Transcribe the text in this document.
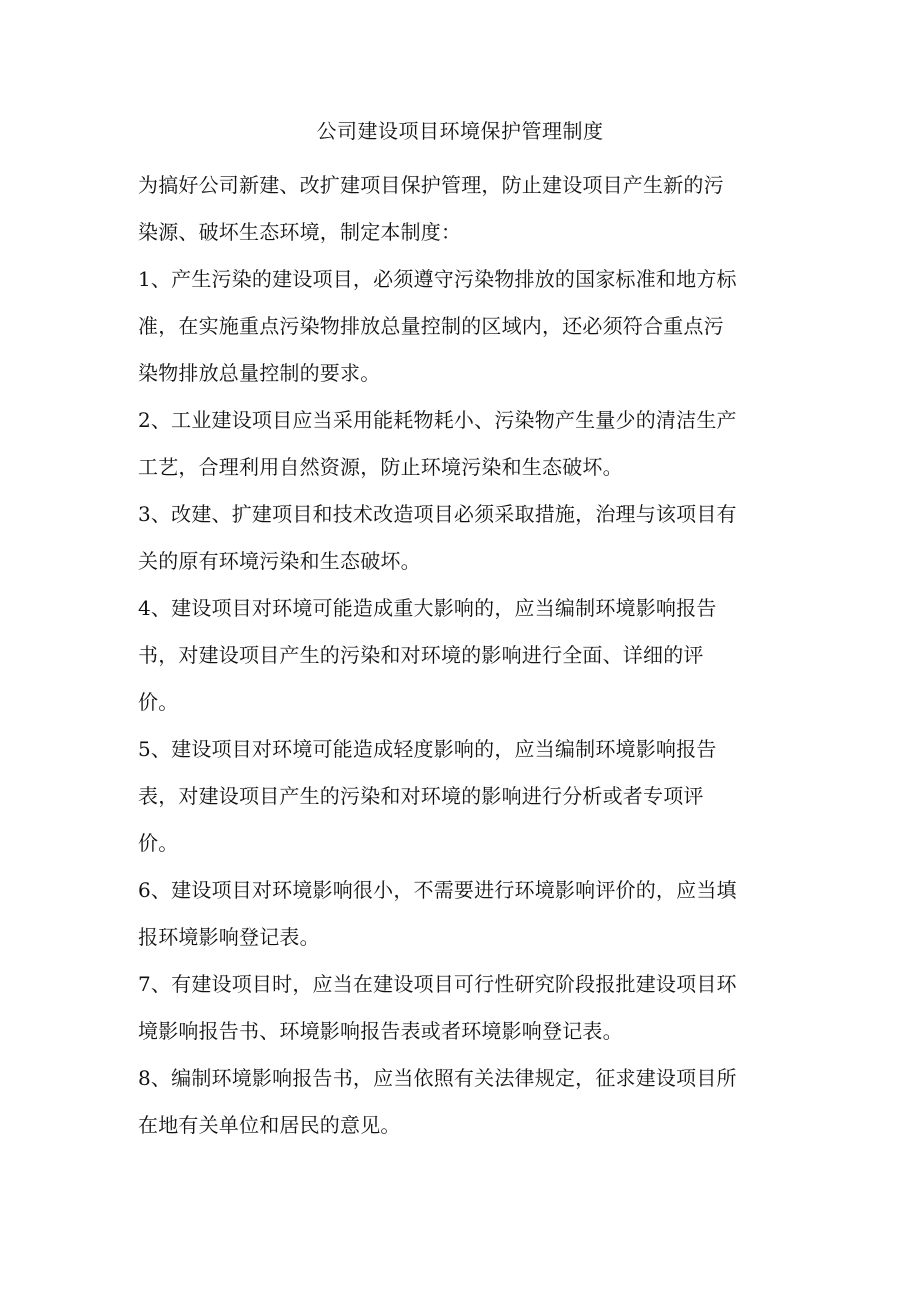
公司建设项目环境保护管理制度

为搞好公司新建、改扩建项目保护管理，防止建设项目产生新的污
染源、破坏生态环境，制定本制度：

1、产生污染的建设项目，必须遵守污染物排放的国家标准和地方标
准，在实施重点污染物排放总量控制的区域内，还必须符合重点污
染物排放总量控制的要求。

2、工业建设项目应当采用能耗物耗小、污染物产生量少的清洁生产
工艺，合理利用自然资源，防止环境污染和生态破坏。

3、改建、扩建项目和技术改造项目必须采取措施，治理与该项目有
关的原有环境污染和生态破坏。

4、建设项目对环境可能造成重大影响的，应当编制环境影响报告
书，对建设项目产生的污染和对环境的影响进行全面、详细的评
价。

5、建设项目对环境可能造成轻度影响的，应当编制环境影响报告
表，对建设项目产生的污染和对环境的影响进行分析或者专项评
价。

6、建设项目对环境影响很小，不需要进行环境影响评价的，应当填
报环境影响登记表。

7、有建设项目时，应当在建设项目可行性研究阶段报批建设项目环
境影响报告书、环境影响报告表或者环境影响登记表。

8、编制环境影响报告书，应当依照有关法律规定，征求建设项目所
在地有关单位和居民的意见。
